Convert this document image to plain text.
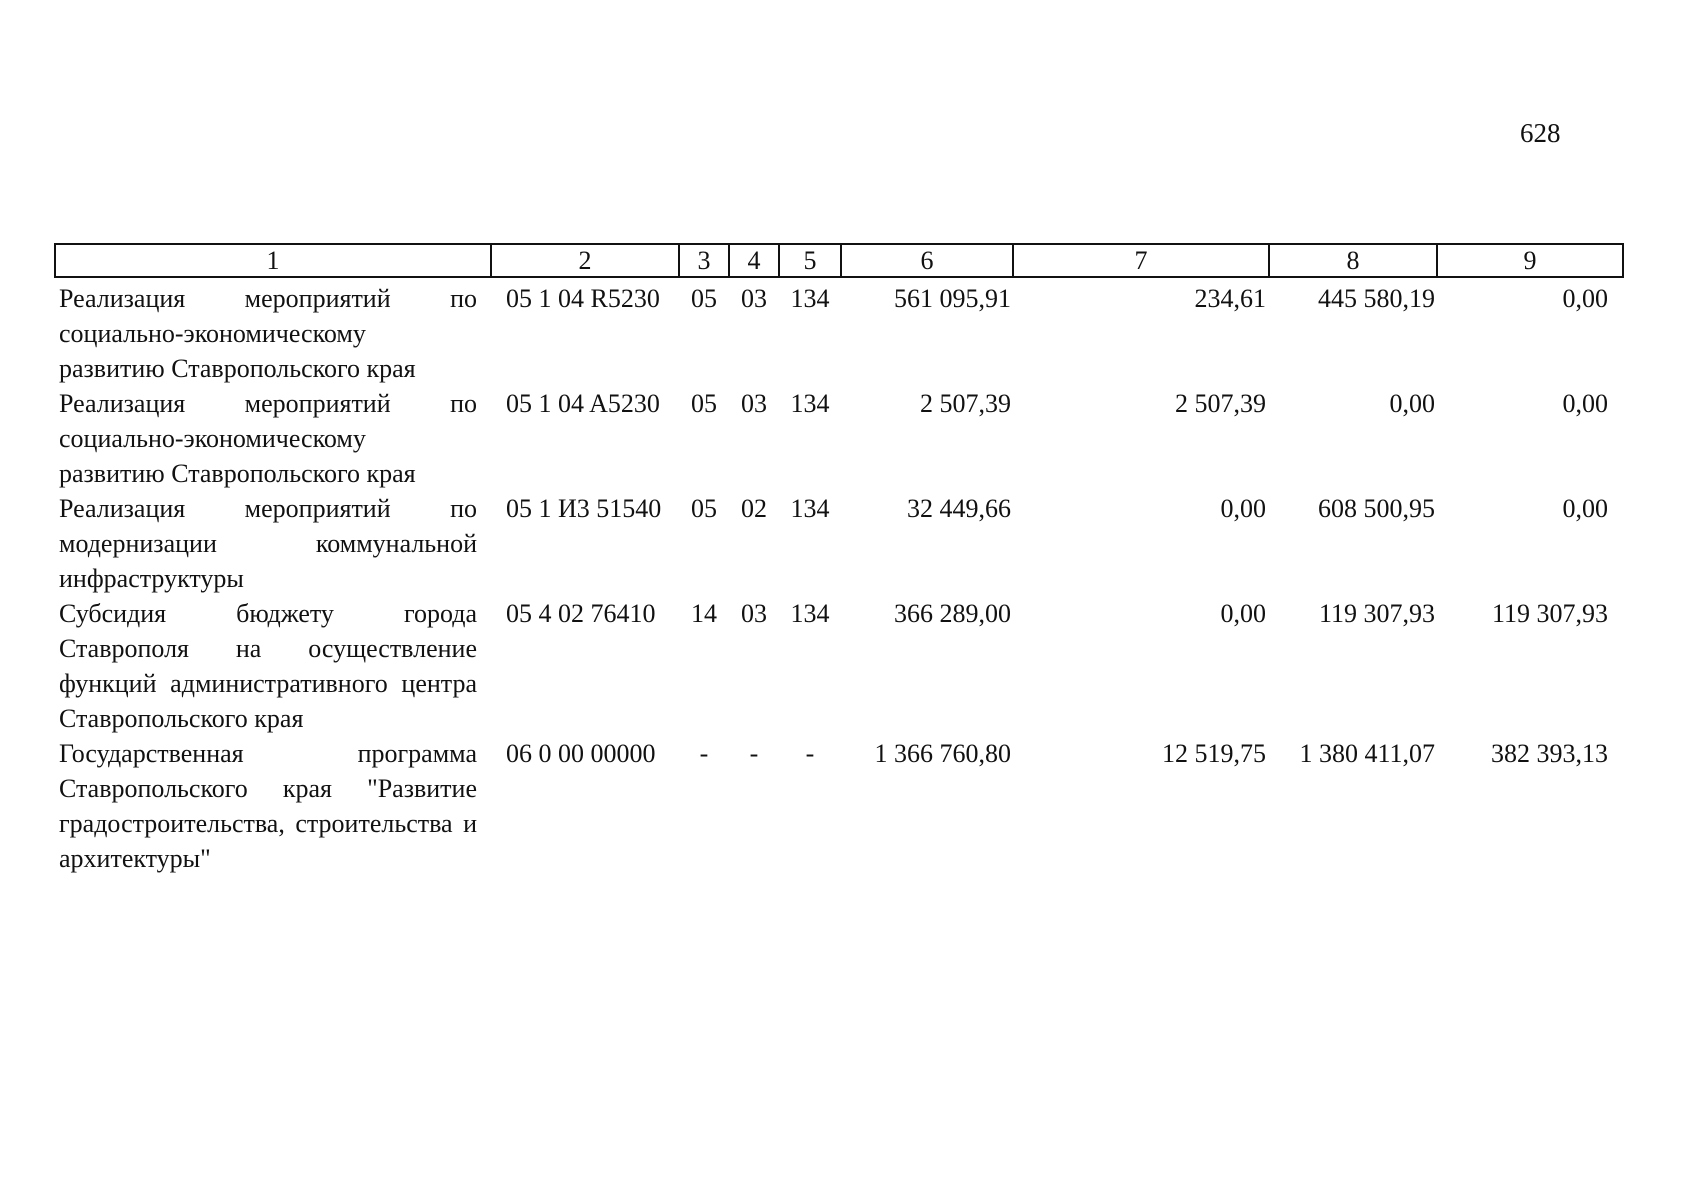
628
1	2	3	4	5	6	7	8	9
Реализация мероприятий по социально-экономическому развитию Ставропольского края	05 1 04 R5230	05	03	134	561 095,91	234,61	445 580,19	0,00
Реализация мероприятий по социально-экономическому развитию Ставропольского края	05 1 04 A5230	05	03	134	2 507,39	2 507,39	0,00	0,00
Реализация мероприятий по модернизации коммунальной инфраструктуры	05 1 И3 51540	05	02	134	32 449,66	0,00	608 500,95	0,00
Субсидия бюджету города Ставрополя на осуществление функций административного центра Ставропольского края	05 4 02 76410	14	03	134	366 289,00	0,00	119 307,93	119 307,93
Государственная программа Ставропольского края "Развитие градостроительства, строительства и архитектуры"	06 0 00 00000	-	-	-	1 366 760,80	12 519,75	1 380 411,07	382 393,13
